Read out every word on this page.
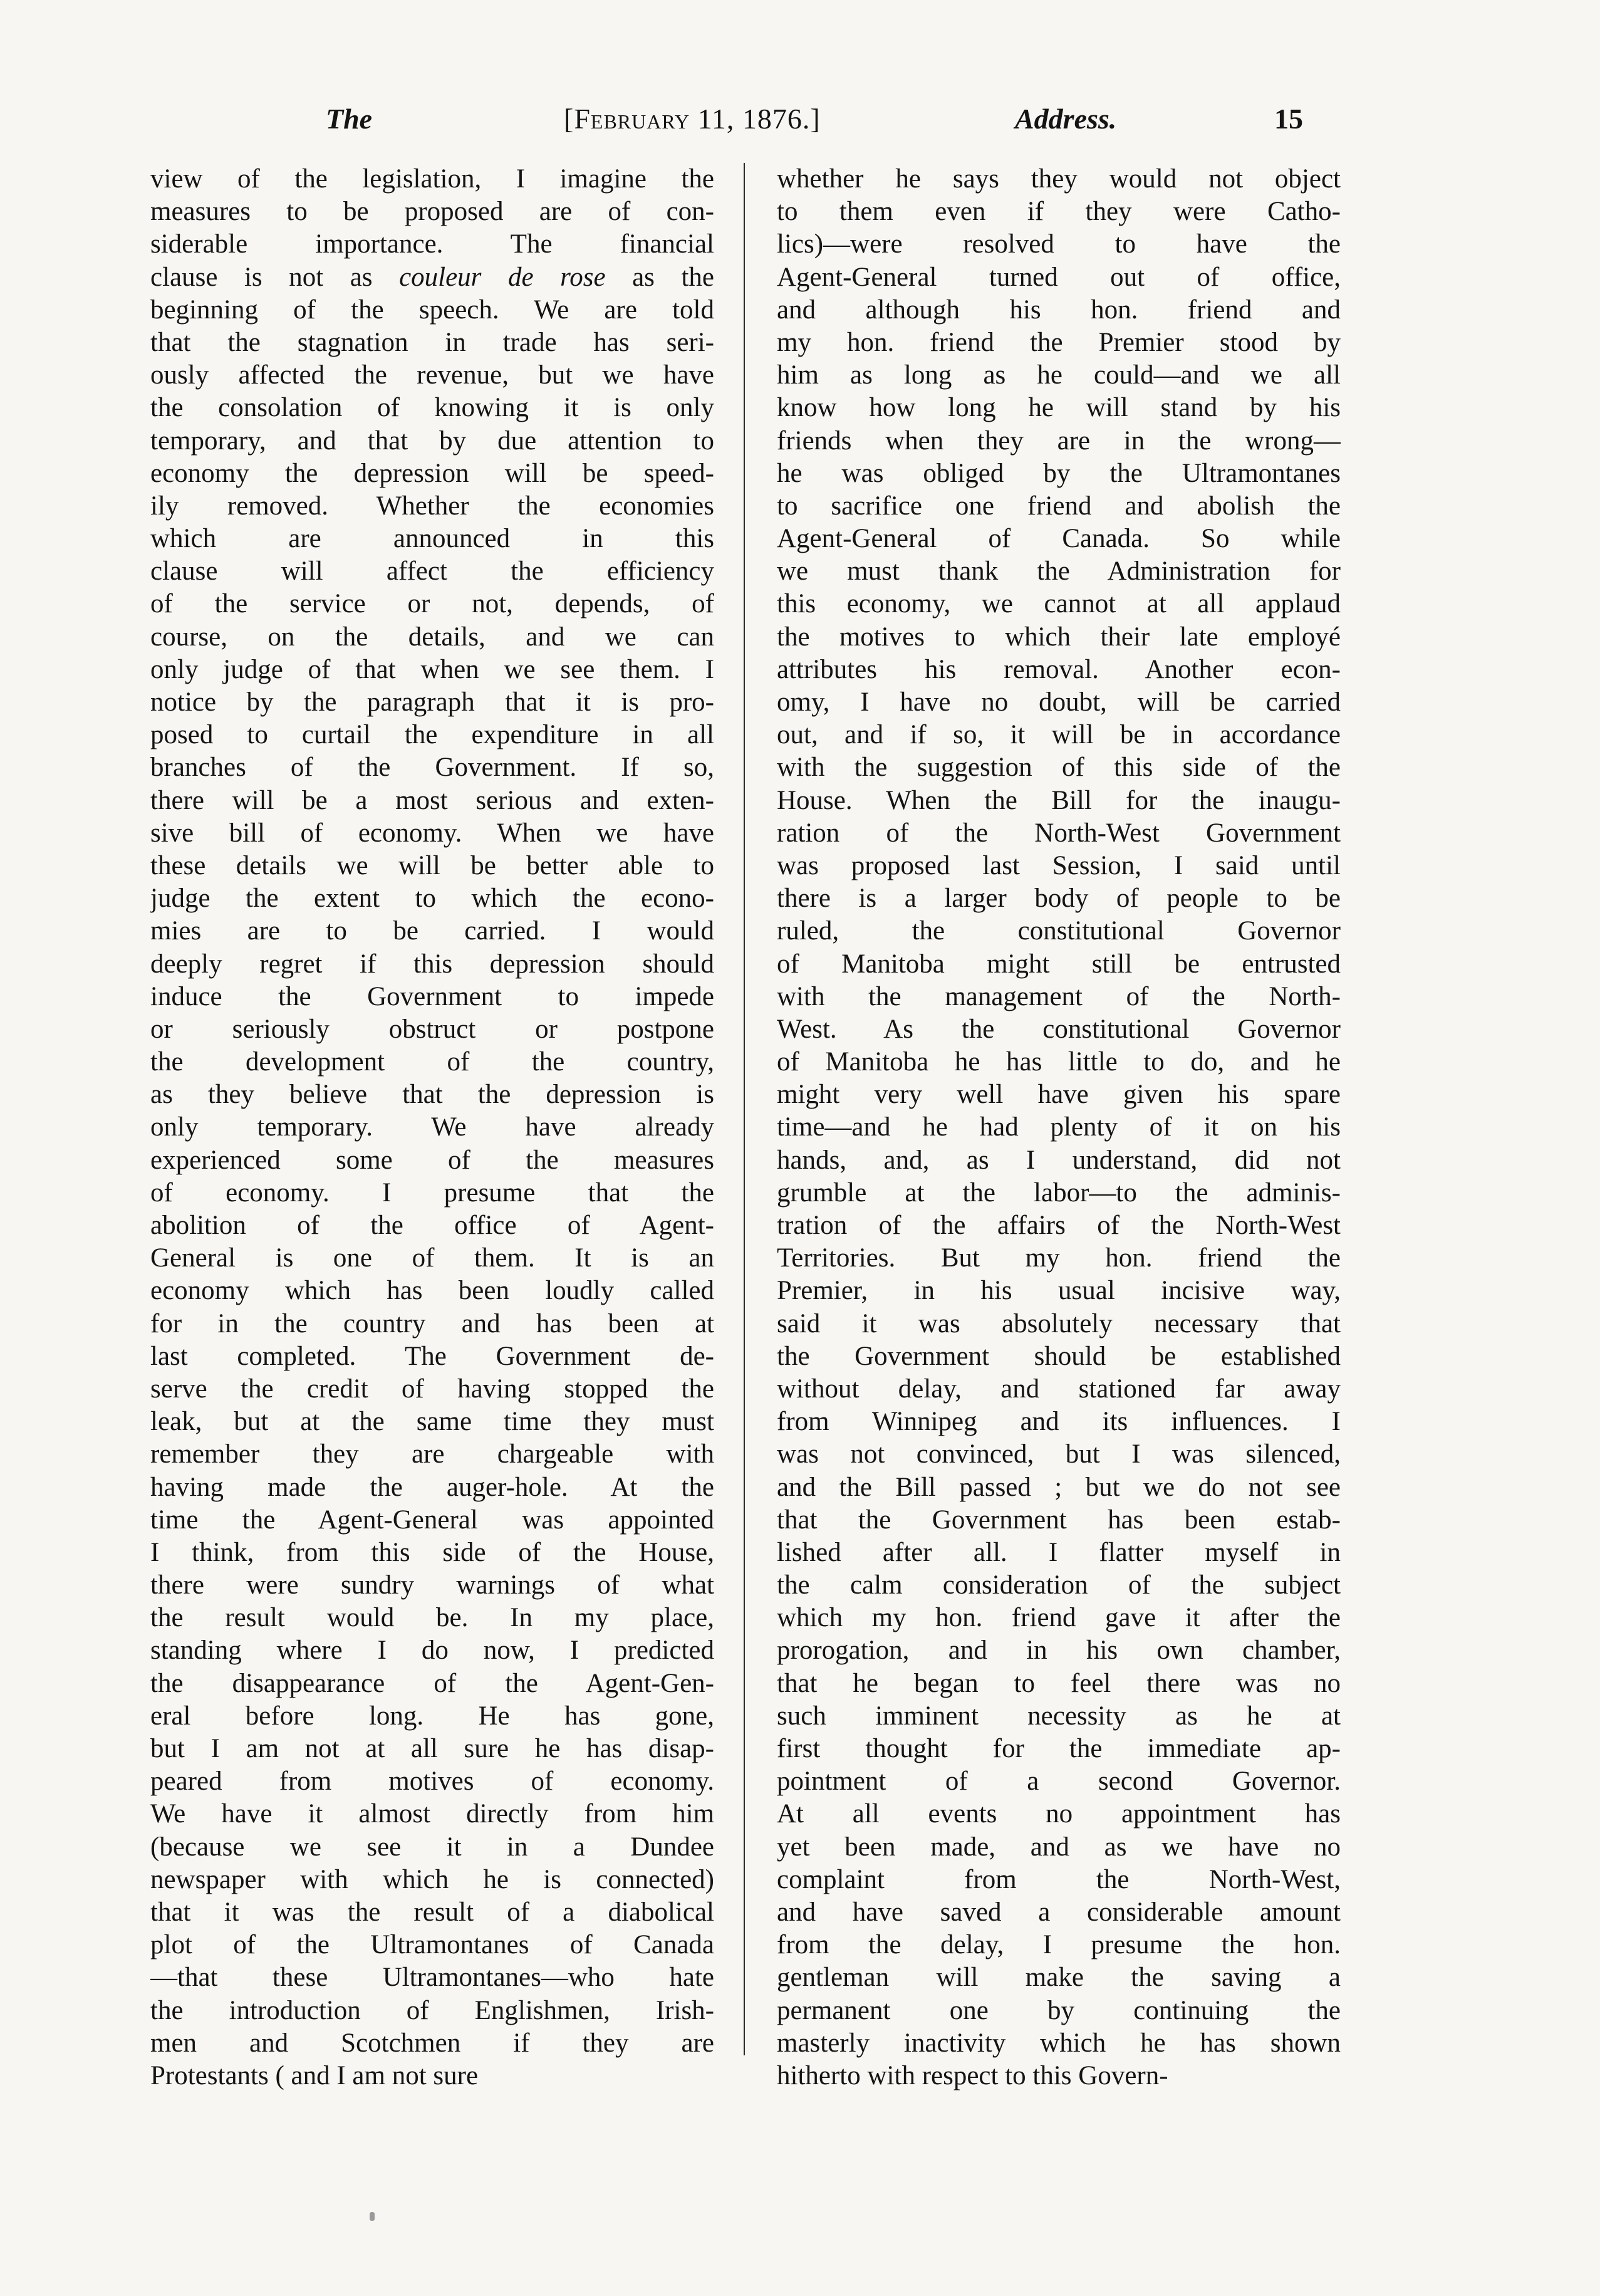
The	[February 11, 1876.]	Address.	15
view of the legislation, I imagine the
measures to be proposed are of con-
siderable importance. The financial
clause is not as couleur de rose as the
beginning of the speech. We are told
that the stagnation in trade has seri-
ously affected the revenue, but we have
the consolation of knowing it is only
temporary, and that by due attention to
economy the depression will be speed-
ily removed. Whether the economies
which are announced in this
clause will affect the efficiency
of the service or not, depends, of
course, on the details, and we can
only judge of that when we see them. I
notice by the paragraph that it is pro-
posed to curtail the expenditure in all
branches of the Government. If so,
there will be a most serious and exten-
sive bill of economy. When we have
these details we will be better able to
judge the extent to which the econo-
mies are to be carried. I would
deeply regret if this depression should
induce the Government to impede
or seriously obstruct or postpone
the development of the country,
as they believe that the depression is
only temporary. We have already
experienced some of the measures
of economy. I presume that the
abolition of the office of Agent-
General is one of them. It is an
economy which has been loudly called
for in the country and has been at
last completed. The Government de-
serve the credit of having stopped the
leak, but at the same time they must
remember they are chargeable with
having made the auger-hole. At the
time the Agent-General was appointed
I think, from this side of the House,
there were sundry warnings of what
the result would be. In my place,
standing where I do now, I predicted
the disappearance of the Agent-Gen-
eral before long. He has gone,
but I am not at all sure he has disap-
peared from motives of economy.
We have it almost directly from him
(because we see it in a Dundee
newspaper with which he is connected)
that it was the result of a diabolical
plot of the Ultramontanes of Canada
—that these Ultramontanes—who hate
the introduction of Englishmen, Irish-
men and Scotchmen if they are
Protestants ( and I am not sure
whether he says they would not object
to them even if they were Catho-
lics)—were resolved to have the
Agent-General turned out of office,
and although his hon. friend and
my hon. friend the Premier stood by
him as long as he could—and we all
know how long he will stand by his
friends when they are in the wrong—
he was obliged by the Ultramontanes
to sacrifice one friend and abolish the
Agent-General of Canada. So while
we must thank the Administration for
this economy, we cannot at all applaud
the motives to which their late employé
attributes his removal. Another econ-
omy, I have no doubt, will be carried
out, and if so, it will be in accordance
with the suggestion of this side of the
House. When the Bill for the inaugu-
ration of the North-West Government
was proposed last Session, I said until
there is a larger body of people to be
ruled, the constitutional Governor
of Manitoba might still be entrusted
with the management of the North-
West. As the constitutional Governor
of Manitoba he has little to do, and he
might very well have given his spare
time—and he had plenty of it on his
hands, and, as I understand, did not
grumble at the labor—to the adminis-
tration of the affairs of the North-West
Territories. But my hon. friend the
Premier, in his usual incisive way,
said it was absolutely necessary that
the Government should be established
without delay, and stationed far away
from Winnipeg and its influences. I
was not convinced, but I was silenced,
and the Bill passed ; but we do not see
that the Government has been estab-
lished after all. I flatter myself in
the calm consideration of the subject
which my hon. friend gave it after the
prorogation, and in his own chamber,
that he began to feel there was no
such imminent necessity as he at
first thought for the immediate ap-
pointment of a second Governor.
At all events no appointment has
yet been made, and as we have no
complaint from the North-West,
and have saved a considerable amount
from the delay, I presume the hon.
gentleman will make the saving a
permanent one by continuing the
masterly inactivity which he has shown
hitherto with respect to this Govern-
